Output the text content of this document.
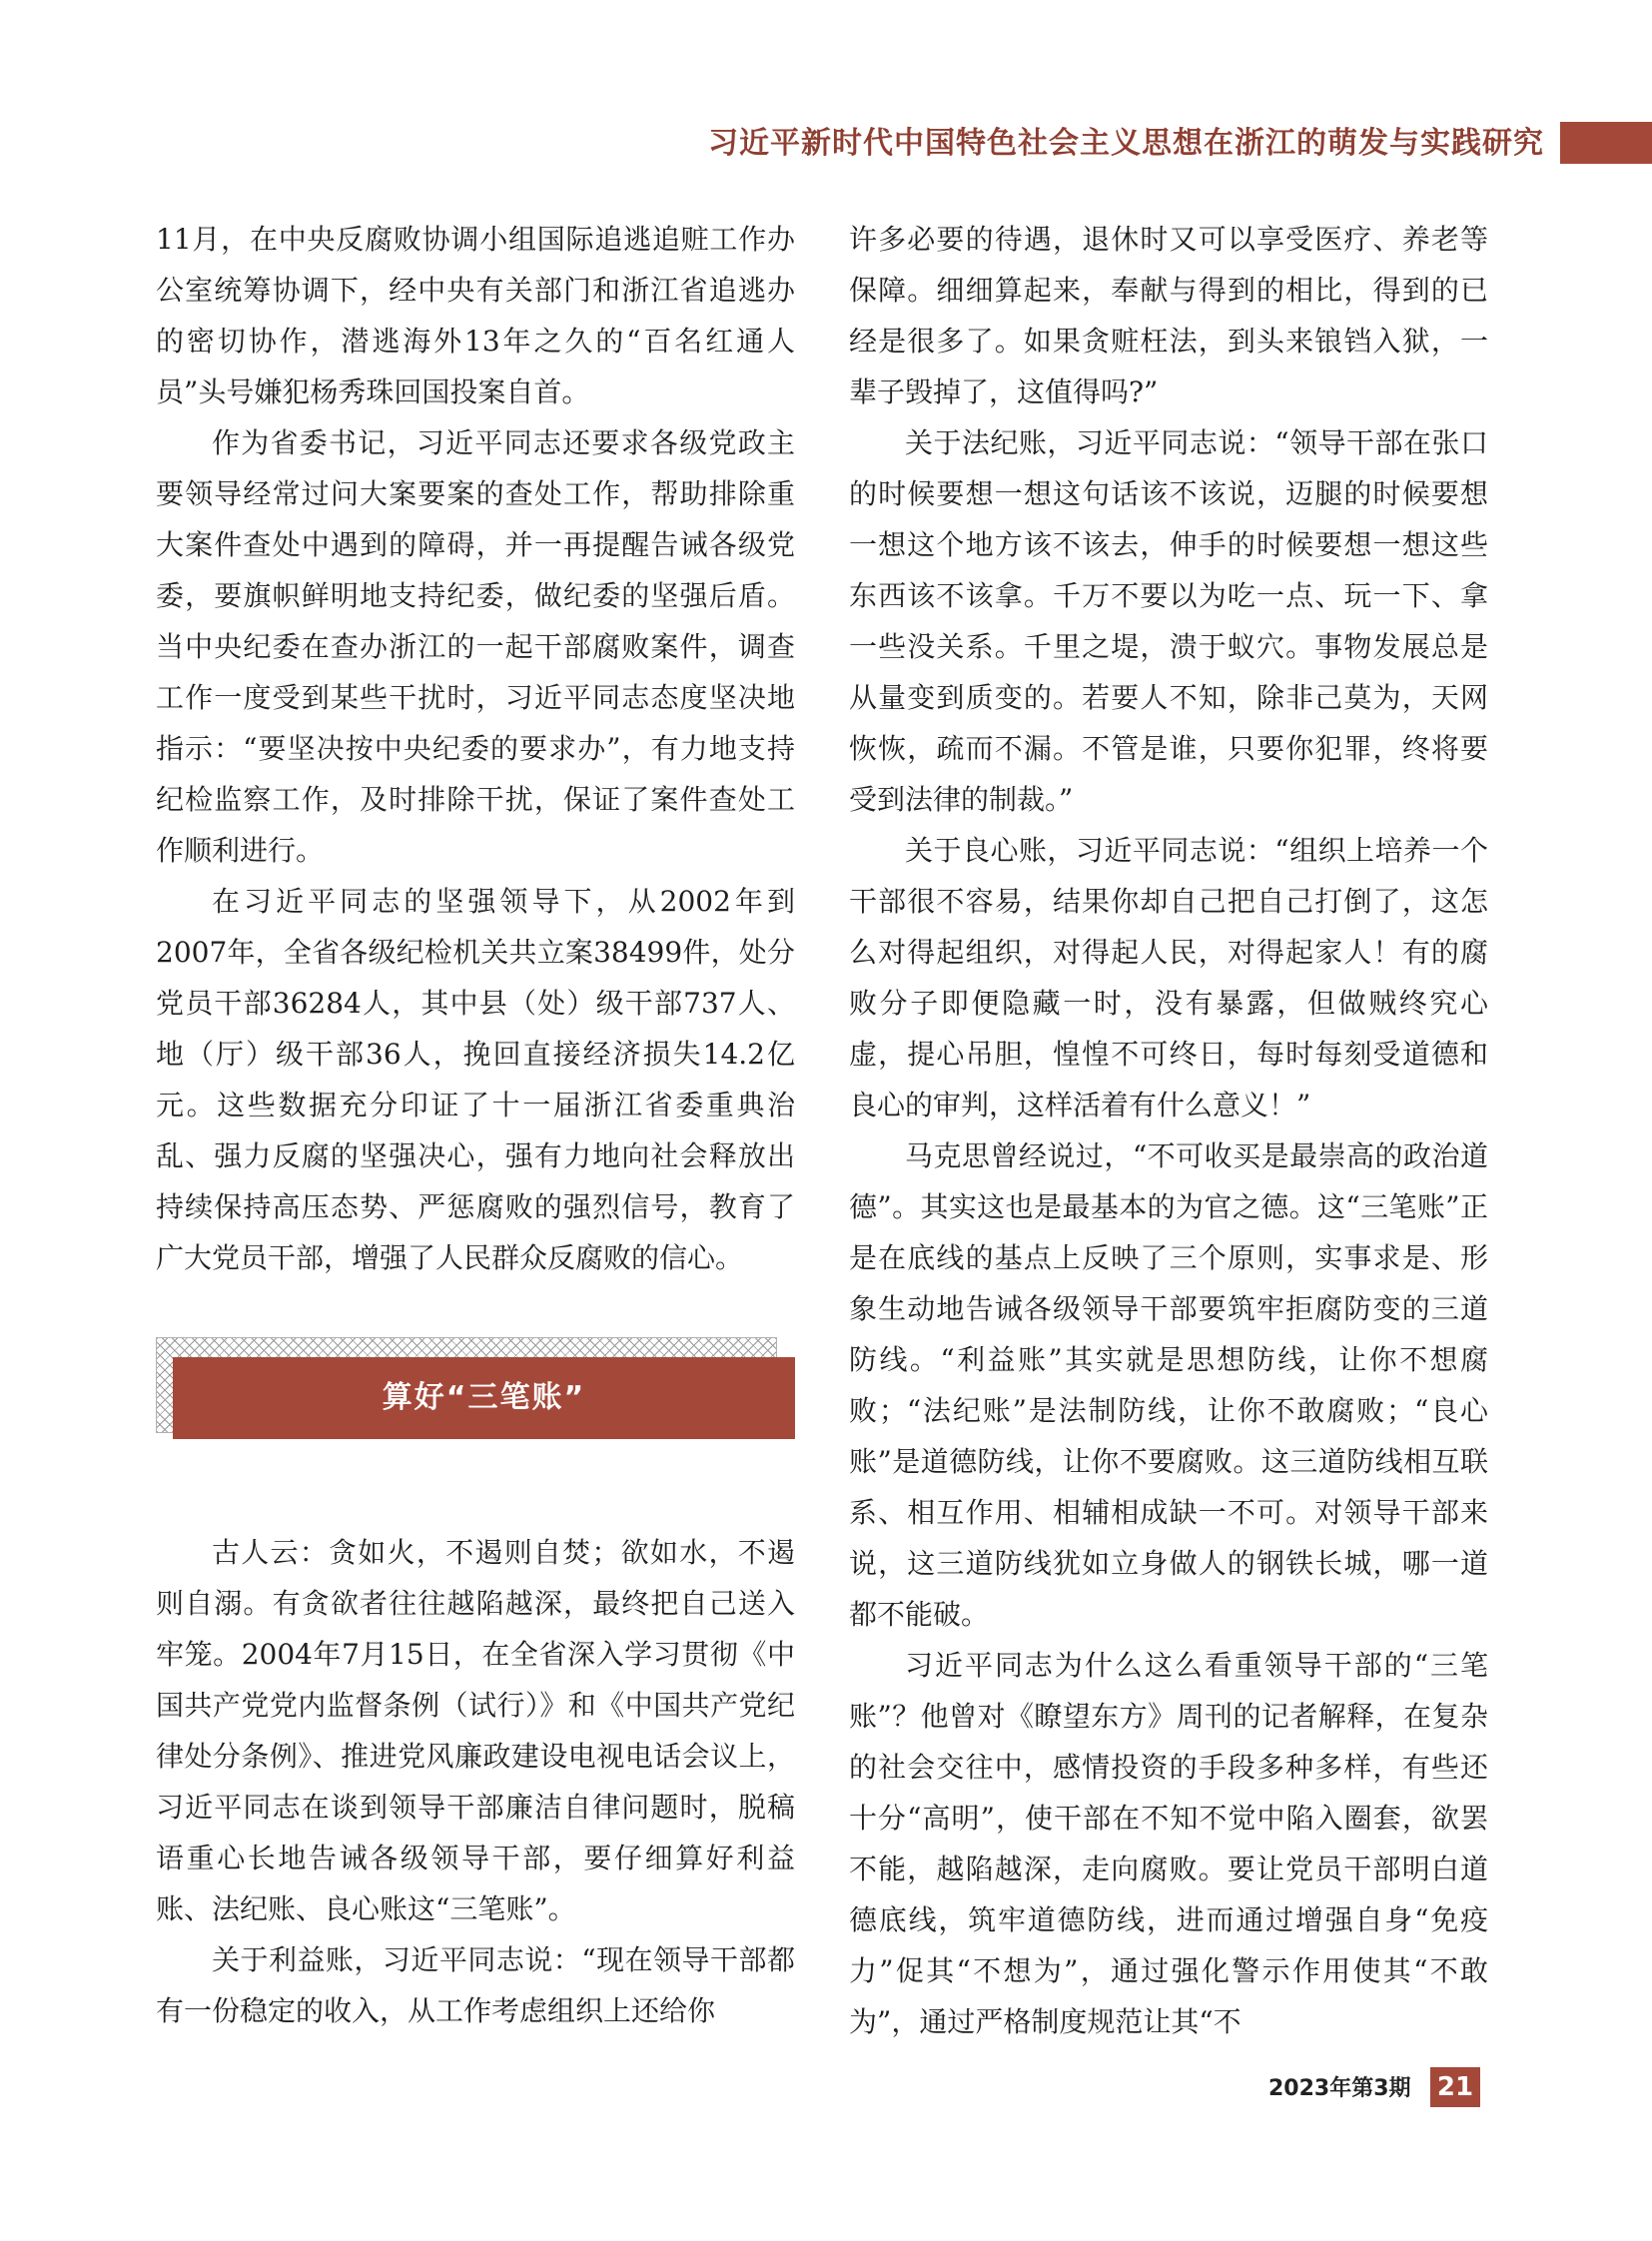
习近平新时代中国特色社会主义思想在浙江的萌发与实践研究

11月，在中央反腐败协调小组国际追逃追赃工作办公室统筹协调下，经中央有关部门和浙江省追逃办的密切协作，潜逃海外13年之久的“百名红通人员”头号嫌犯杨秀珠回国投案自首。

作为省委书记，习近平同志还要求各级党政主要领导经常过问大案要案的查处工作，帮助排除重大案件查处中遇到的障碍，并一再提醒告诫各级党委，要旗帜鲜明地支持纪委，做纪委的坚强后盾。当中央纪委在查办浙江的一起干部腐败案件，调查工作一度受到某些干扰时，习近平同志态度坚决地指示：“要坚决按中央纪委的要求办”，有力地支持纪检监察工作，及时排除干扰，保证了案件查处工作顺利进行。

在习近平同志的坚强领导下，从2002年到2007年，全省各级纪检机关共立案38499件，处分党员干部36284人，其中县（处）级干部737人、地（厅）级干部36人，挽回直接经济损失14.2亿元。这些数据充分印证了十一届浙江省委重典治乱、强力反腐的坚强决心，强有力地向社会释放出持续保持高压态势、严惩腐败的强烈信号，教育了广大党员干部，增强了人民群众反腐败的信心。

算好“三笔账”

古人云：贪如火，不遏则自焚；欲如水，不遏则自溺。有贪欲者往往越陷越深，最终把自己送入牢笼。2004年7月15日，在全省深入学习贯彻《中国共产党党内监督条例（试行）》和《中国共产党纪律处分条例》、推进党风廉政建设电视电话会议上，习近平同志在谈到领导干部廉洁自律问题时，脱稿语重心长地告诫各级领导干部，要仔细算好利益账、法纪账、良心账这“三笔账”。

关于利益账，习近平同志说：“现在领导干部都有一份稳定的收入，从工作考虑组织上还给你

许多必要的待遇，退休时又可以享受医疗、养老等保障。细细算起来，奉献与得到的相比，得到的已经是很多了。如果贪赃枉法，到头来锒铛入狱，一辈子毁掉了，这值得吗?”

关于法纪账，习近平同志说：“领导干部在张口的时候要想一想这句话该不该说，迈腿的时候要想一想这个地方该不该去，伸手的时候要想一想这些东西该不该拿。千万不要以为吃一点、玩一下、拿一些没关系。千里之堤，溃于蚁穴。事物发展总是从量变到质变的。若要人不知，除非己莫为，天网恢恢，疏而不漏。不管是谁，只要你犯罪，终将要受到法律的制裁。”

关于良心账，习近平同志说：“组织上培养一个干部很不容易，结果你却自己把自己打倒了，这怎么对得起组织，对得起人民，对得起家人！有的腐败分子即便隐藏一时，没有暴露，但做贼终究心虚，提心吊胆，惶惶不可终日，每时每刻受道德和良心的审判，这样活着有什么意义！”

马克思曾经说过，“不可收买是最崇高的政治道德”。其实这也是最基本的为官之德。这“三笔账”正是在底线的基点上反映了三个原则，实事求是、形象生动地告诫各级领导干部要筑牢拒腐防变的三道防线。“利益账”其实就是思想防线，让你不想腐败；“法纪账”是法制防线，让你不敢腐败；“良心账”是道德防线，让你不要腐败。这三道防线相互联系、相互作用、相辅相成缺一不可。对领导干部来说，这三道防线犹如立身做人的钢铁长城，哪一道都不能破。

习近平同志为什么这么看重领导干部的“三笔账”？他曾对《瞭望东方》周刊的记者解释，在复杂的社会交往中，感情投资的手段多种多样，有些还十分“高明”，使干部在不知不觉中陷入圈套，欲罢不能，越陷越深，走向腐败。要让党员干部明白道德底线，筑牢道德防线，进而通过增强自身“免疫力”促其“不想为”，通过强化警示作用使其“不敢为”，通过严格制度规范让其“不

2023年第3期 21
